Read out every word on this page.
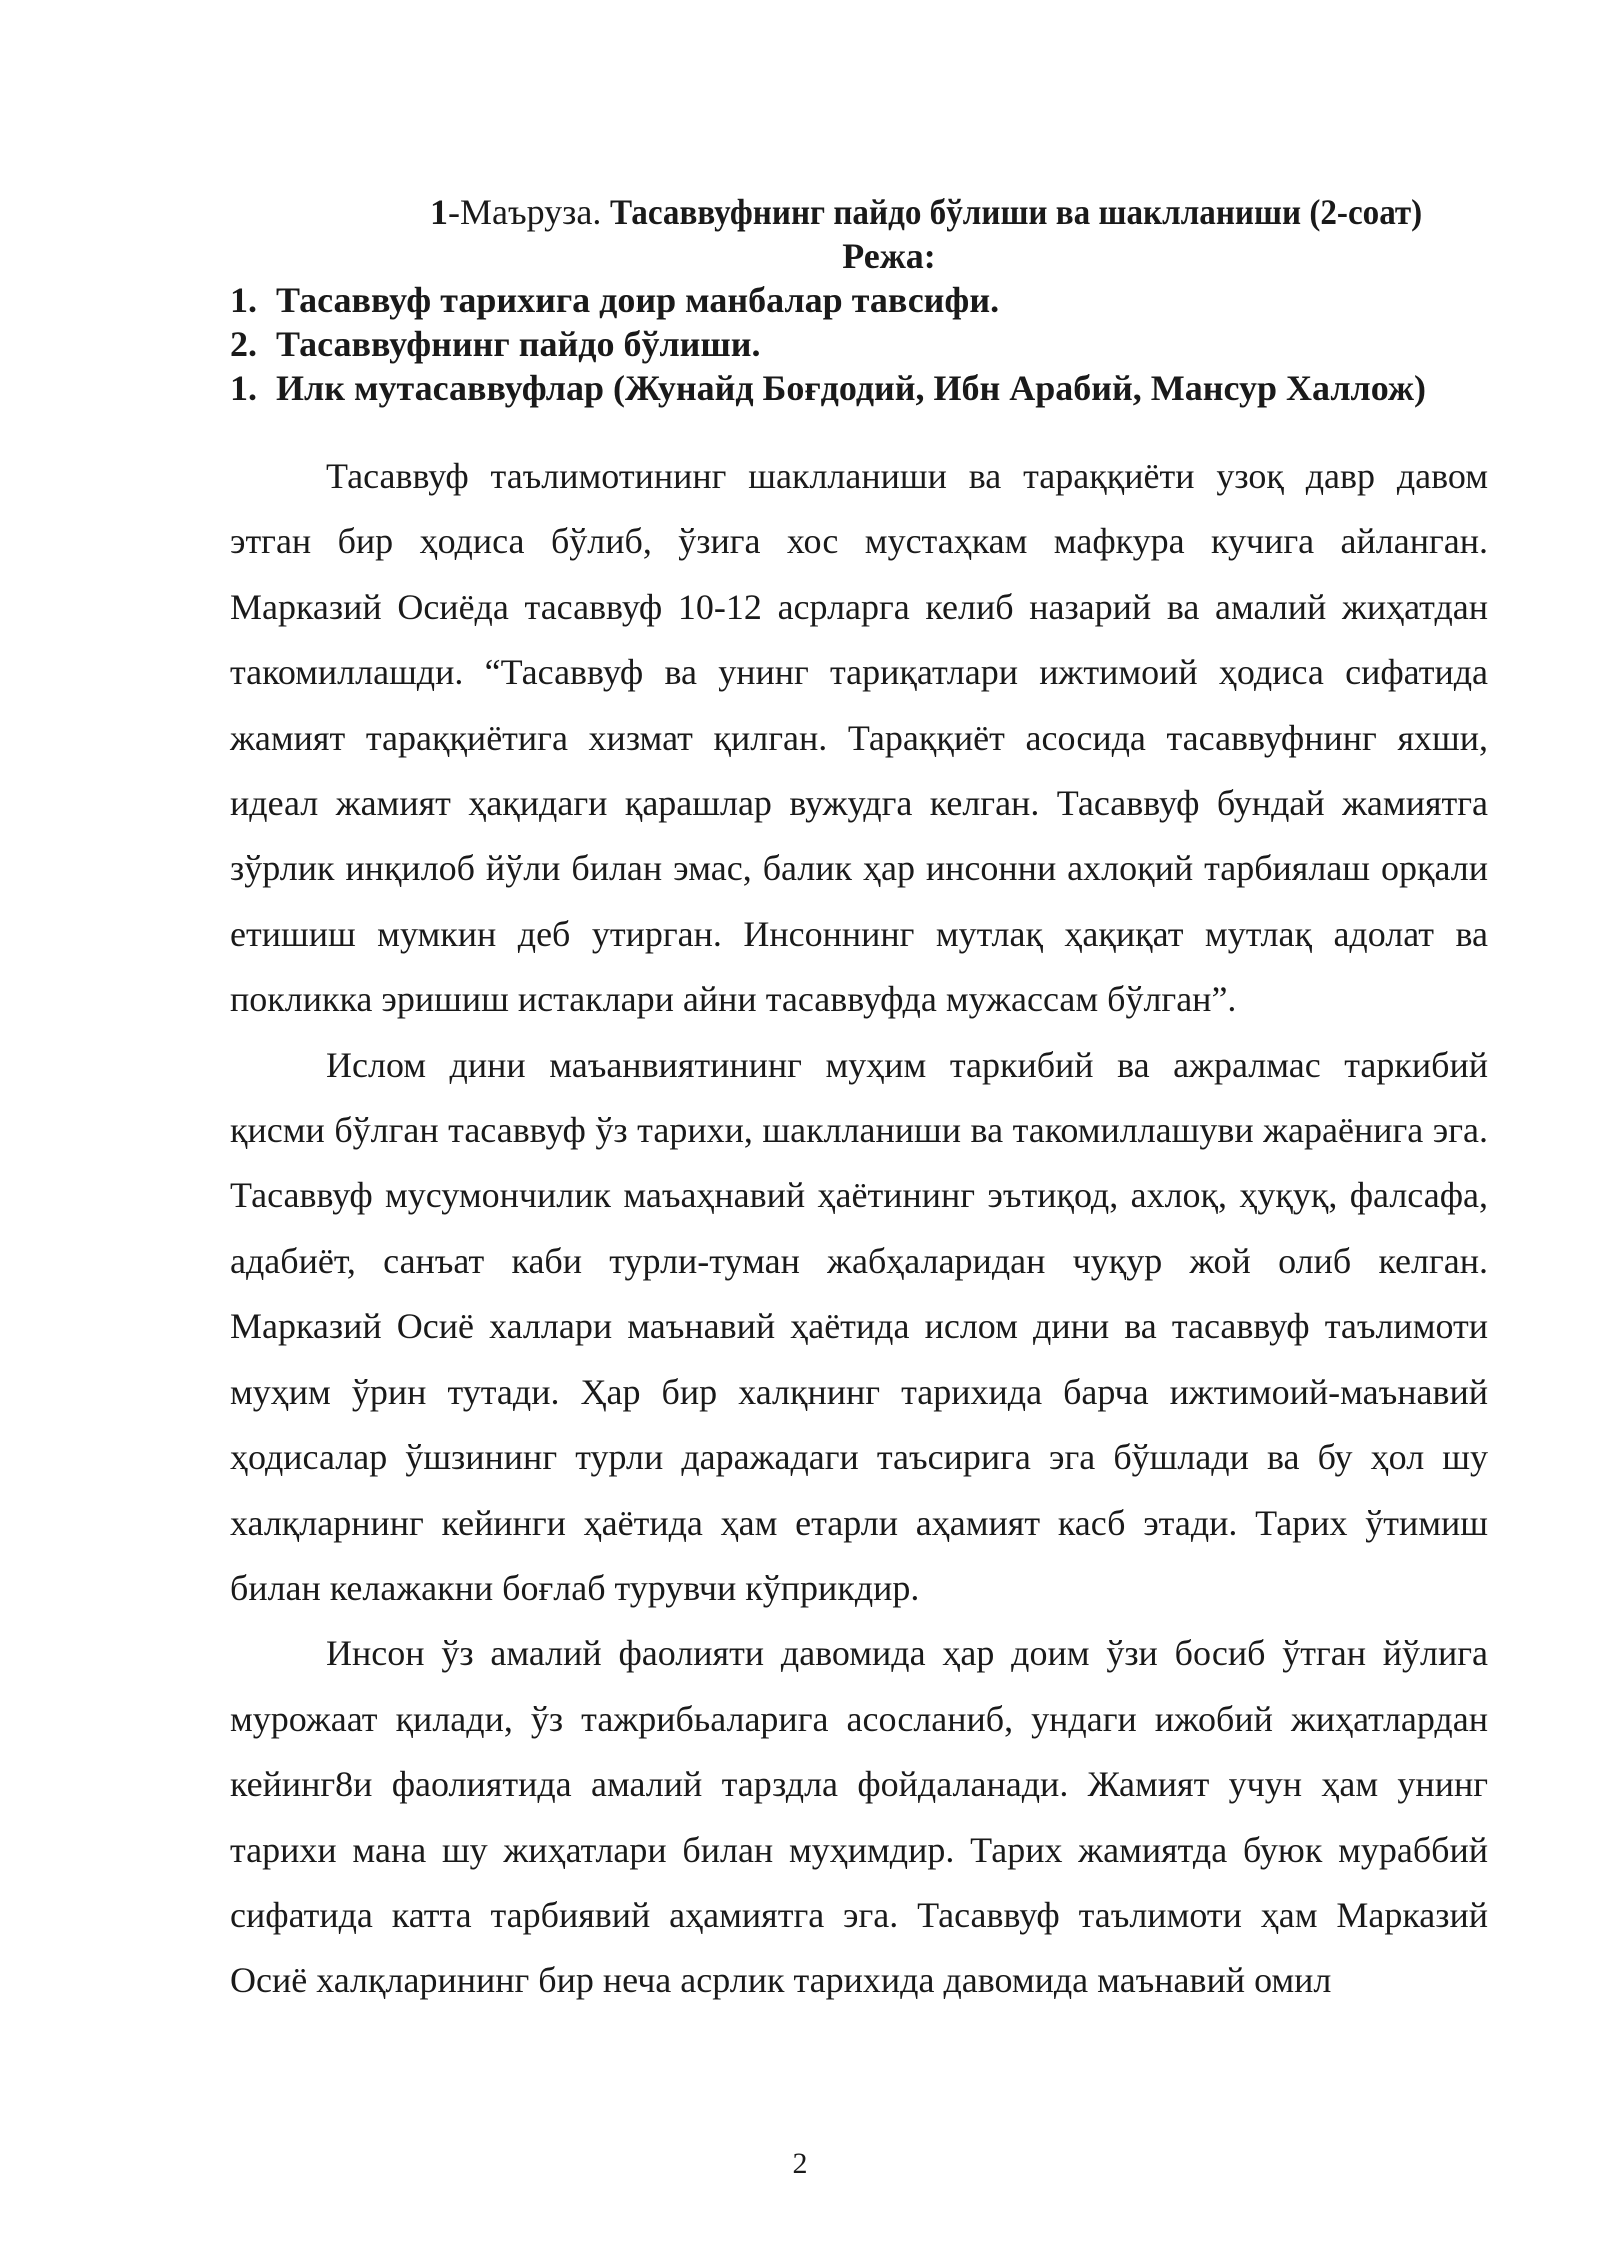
1-Маъруза. Тасаввуфнинг пайдо бўлиши ва шаклланиши (2-соат)

Режа:

1. Тасаввуф тарихига доир манбалар тавсифи.
2. Тасаввуфнинг пайдо бўлиши.
1. Илк мутасаввуфлар (Жунайд Боғдодий, Ибн Арабий, Мансур Халлож)

Тасаввуф таълимотининг шаклланиши ва тараққиёти узоқ давр давом этган бир ҳодиса бўлиб, ўзига хос мустаҳкам мафкура кучига айланган. Марказий Осиёда тасаввуф 10-12 асрларга келиб назарий ва амалий жиҳатдан такомиллашди. “Тасаввуф ва унинг тариқатлари ижтимоий ҳодиса сифатида жамият тараққиётига хизмат қилган. Тараққиёт асосида тасаввуфнинг яхши, идеал жамият ҳақидаги қарашлар вужудга келган. Тасаввуф бундай жамиятга зўрлик инқилоб йўли билан эмас, балик ҳар инсонни ахлоқий тарбиялаш орқали етишиш мумкин деб утирган. Инсоннинг мутлақ ҳақиқат мутлақ адолат ва покликка эришиш истаклари айни тасаввуфда мужассам бўлган”.

Ислом дини маъанвиятининг муҳим таркибий ва ажралмас таркибий қисми бўлган тасаввуф ўз тарихи, шаклланиши ва такомиллашуви жараёнига эга. Тасаввуф мусумончилик маъаҳнавий ҳаётининг эътиқод, ахлоқ, ҳуқуқ, фалсафа, адабиёт, санъат каби турли-туман жабҳаларидан чуқур жой олиб келган. Марказий Осиё халлари маънавий ҳаётида ислом дини ва тасаввуф таълимоти муҳим ўрин тутади. Ҳар бир халқнинг тарихида барча ижтимоий-маънавий ҳодисалар ўшзининг турли даражадаги таъсирига эга бўшлади ва бу ҳол шу халқларнинг кейинги ҳаётида ҳам етарли аҳамият касб этади. Тарих ўтимиш билан келажакни боғлаб турувчи кўприкдир.

Инсон ўз амалий фаолияти давомида ҳар доим ўзи босиб ўтган йўлига мурожаат қилади, ўз тажрибьаларига асосланиб, ундаги ижобий жиҳатлардан кейинг8и фаолиятида амалий тарздла фойдаланади. Жамият учун ҳам унинг тарихи мана шу жиҳатлари билан муҳимдир. Тарих жамиятда буюк мураббий сифатида катта тарбиявий аҳамиятга эга. Тасаввуф таълимоти ҳам Марказий Осиё халқларининг бир неча асрлик тарихида давомида маънавий омил

2
